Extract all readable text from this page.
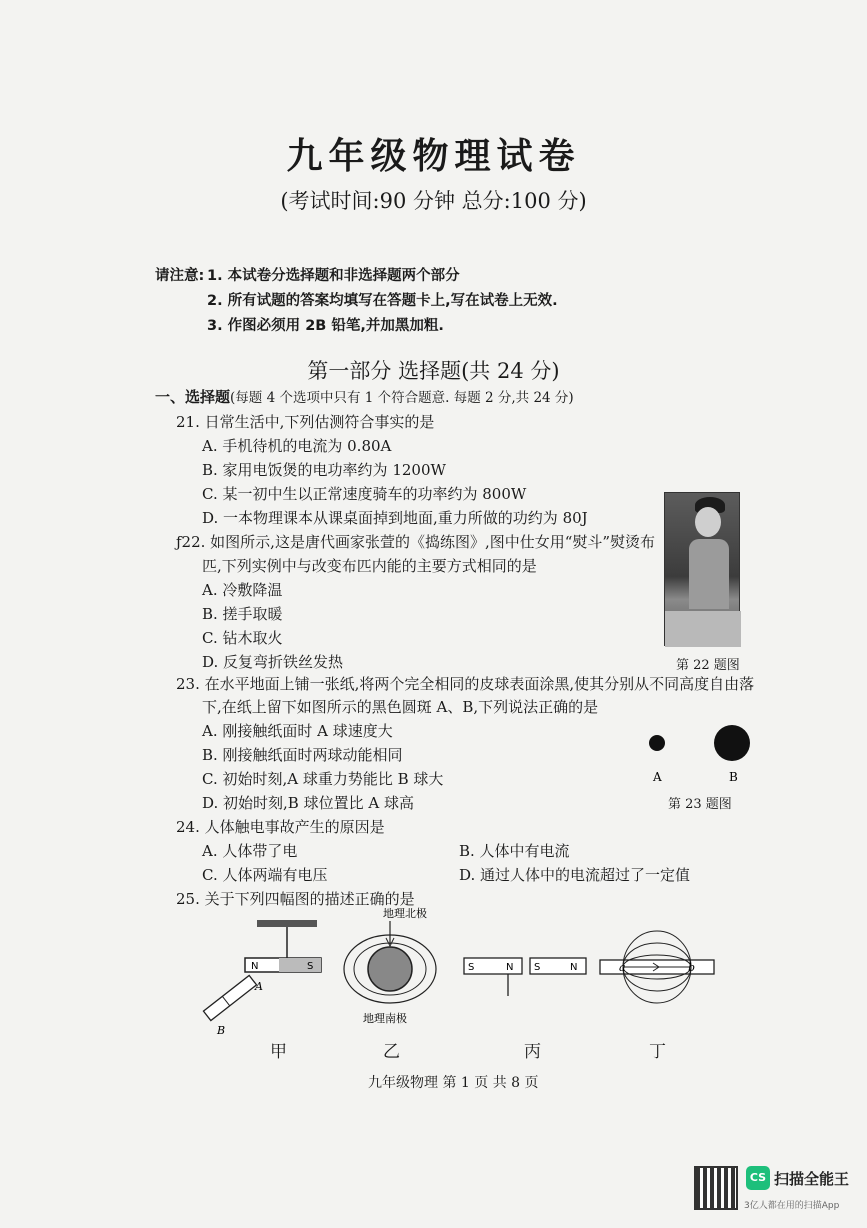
九年级物理试卷
(考试时间:90 分钟 总分:100 分)
请注意: 1. 本试卷分选择题和非选择题两个部分
2. 所有试题的答案均填写在答题卡上,写在试卷上无效.
3. 作图必须用 2B 铅笔,并加黑加粗.
第一部分 选择题(共 24 分)
一、选择题(每题 4 个选项中只有 1 个符合题意. 每题 2 分,共 24 分)
21. 日常生活中,下列估测符合事实的是
A. 手机待机的电流为 0.80A
B. 家用电饭煲的电功率约为 1200W
C. 某一初中生以正常速度骑车的功率约为 800W
D. 一本物理课本从课桌面掉到地面,重力所做的功约为 80J
ƒ22. 如图所示,这是唐代画家张萱的《捣练图》,图中仕女用“熨斗”熨烫布
匹,下列实例中与改变布匹内能的主要方式相同的是
A. 冷敷降温
B. 搓手取暖
C. 钻木取火
D. 反复弯折铁丝发热	第 22 题图
23. 在水平地面上铺一张纸,将两个完全相同的皮球表面涂黑,使其分别从不同高度自由落
下,在纸上留下如图所示的黑色圆斑 A、B,下列说法正确的是
A. 刚接触纸面时 A 球速度大
B. 刚接触纸面时两球动能相同
C. 初始时刻,A 球重力势能比 B 球大
D. 初始时刻,B 球位置比 A 球高
A	B
第 23 题图
24. 人体触电事故产生的原因是
A. 人体带了电	B. 人体中有电流
C. 人体两端有电压	D. 通过人体中的电流超过了一定值
25. 关于下列四幅图的描述正确的是
N	S
A
B
地理北极
地理南极
S	N S	N	a	b
甲	乙	丙	丁
九年级物理 第 1 页 共 8 页
CS 扫描全能王
3亿人都在用的扫描App
